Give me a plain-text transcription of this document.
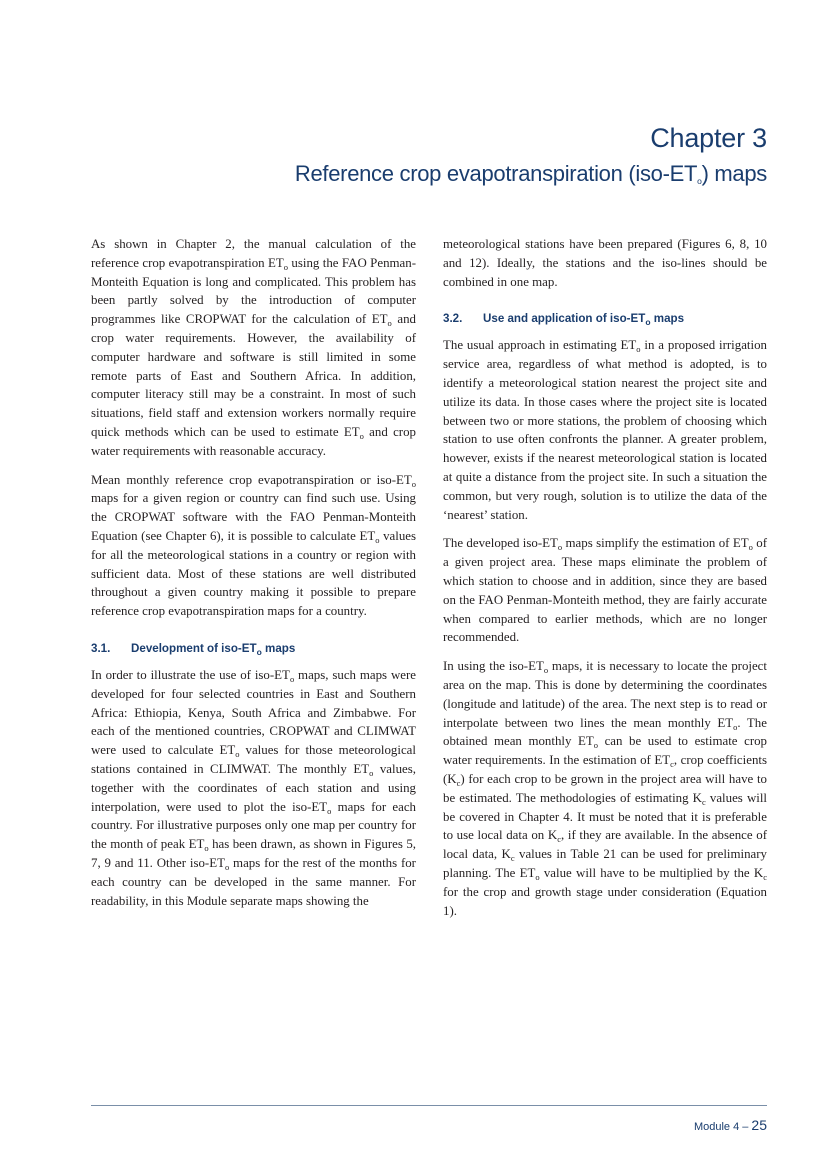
Chapter 3
Reference crop evapotranspiration $(iso-ET_o)$ maps

As shown in Chapter 2, the manual calculation of the reference crop evapotranspiration $ET_o$ using the FAO Penman-Monteith Equation is long and complicated. This problem has been partly solved by the introduction of computer programmes like CROPWAT for the calculation of $ET_o$ and crop water requirements. However, the availability of computer hardware and software is still limited in some remote parts of East and Southern Africa. In addition, computer literacy still may be a constraint. In most of such situations, field staff and extension workers normally require quick methods which can be used to estimate $ET_o$ and crop water requirements with reasonable accuracy.

Mean monthly reference crop evapotranspiration or iso-$ET_o$ maps for a given region or country can find such use. Using the CROPWAT software with the FAO Penman-Monteith Equation (see Chapter 6), it is possible to calculate $ET_o$ values for all the meteorological stations in a country or region with sufficient data. Most of these stations are well distributed throughout a given country making it possible to prepare reference crop evapotranspiration maps for a country.

3.1. Development of iso-$ET_o$ maps

In order to illustrate the use of iso-$ET_o$ maps, such maps were developed for four selected countries in East and Southern Africa: Ethiopia, Kenya, South Africa and Zimbabwe. For each of the mentioned countries, CROPWAT and CLIMWAT were used to calculate $ET_o$ values for those meteorological stations contained in CLIMWAT. The monthly $ET_o$ values, together with the coordinates of each station and using interpolation, were used to plot the iso-$ET_o$ maps for each country. For illustrative purposes only one map per country for the month of peak $ET_o$ has been drawn, as shown in Figures 5, 7, 9 and 11. Other iso-$ET_o$ maps for the rest of the months for each country can be developed in the same manner. For readability, in this Module separate maps showing the

meteorological stations have been prepared (Figures 6, 8, 10 and 12). Ideally, the stations and the iso-lines should be combined in one map.

3.2. Use and application of iso-$ET_o$ maps

The usual approach in estimating $ET_o$ in a proposed irrigation service area, regardless of what method is adopted, is to identify a meteorological station nearest the project site and utilize its data. In those cases where the project site is located between two or more stations, the problem of choosing which station to use often confronts the planner. A greater problem, however, exists if the nearest meteorological station is located at quite a distance from the project site. In such a situation the common, but very rough, solution is to utilize the data of the ‘nearest’ station.

The developed iso-$ET_o$ maps simplify the estimation of $ET_o$ of a given project area. These maps eliminate the problem of which station to choose and in addition, since they are based on the FAO Penman-Monteith method, they are fairly accurate when compared to earlier methods, which are no longer recommended.

In using the iso-$ET_o$ maps, it is necessary to locate the project area on the map. This is done by determining the coordinates (longitude and latitude) of the area. The next step is to read or interpolate between two lines the mean monthly $ET_o$. The obtained mean monthly $ET_o$ can be used to estimate crop water requirements. In the estimation of $ET_c$, crop coefficients $(K_c)$ for each crop to be grown in the project area will have to be estimated. The methodologies of estimating $K_c$ values will be covered in Chapter 4. It must be noted that it is preferable to use local data on $K_c$, if they are available. In the absence of local data, $K_c$ values in Table 21 can be used for preliminary planning. The $ET_o$ value will have to be multiplied by the $K_c$ for the crop and growth stage under consideration (Equation 1).

Module 4 – 25
